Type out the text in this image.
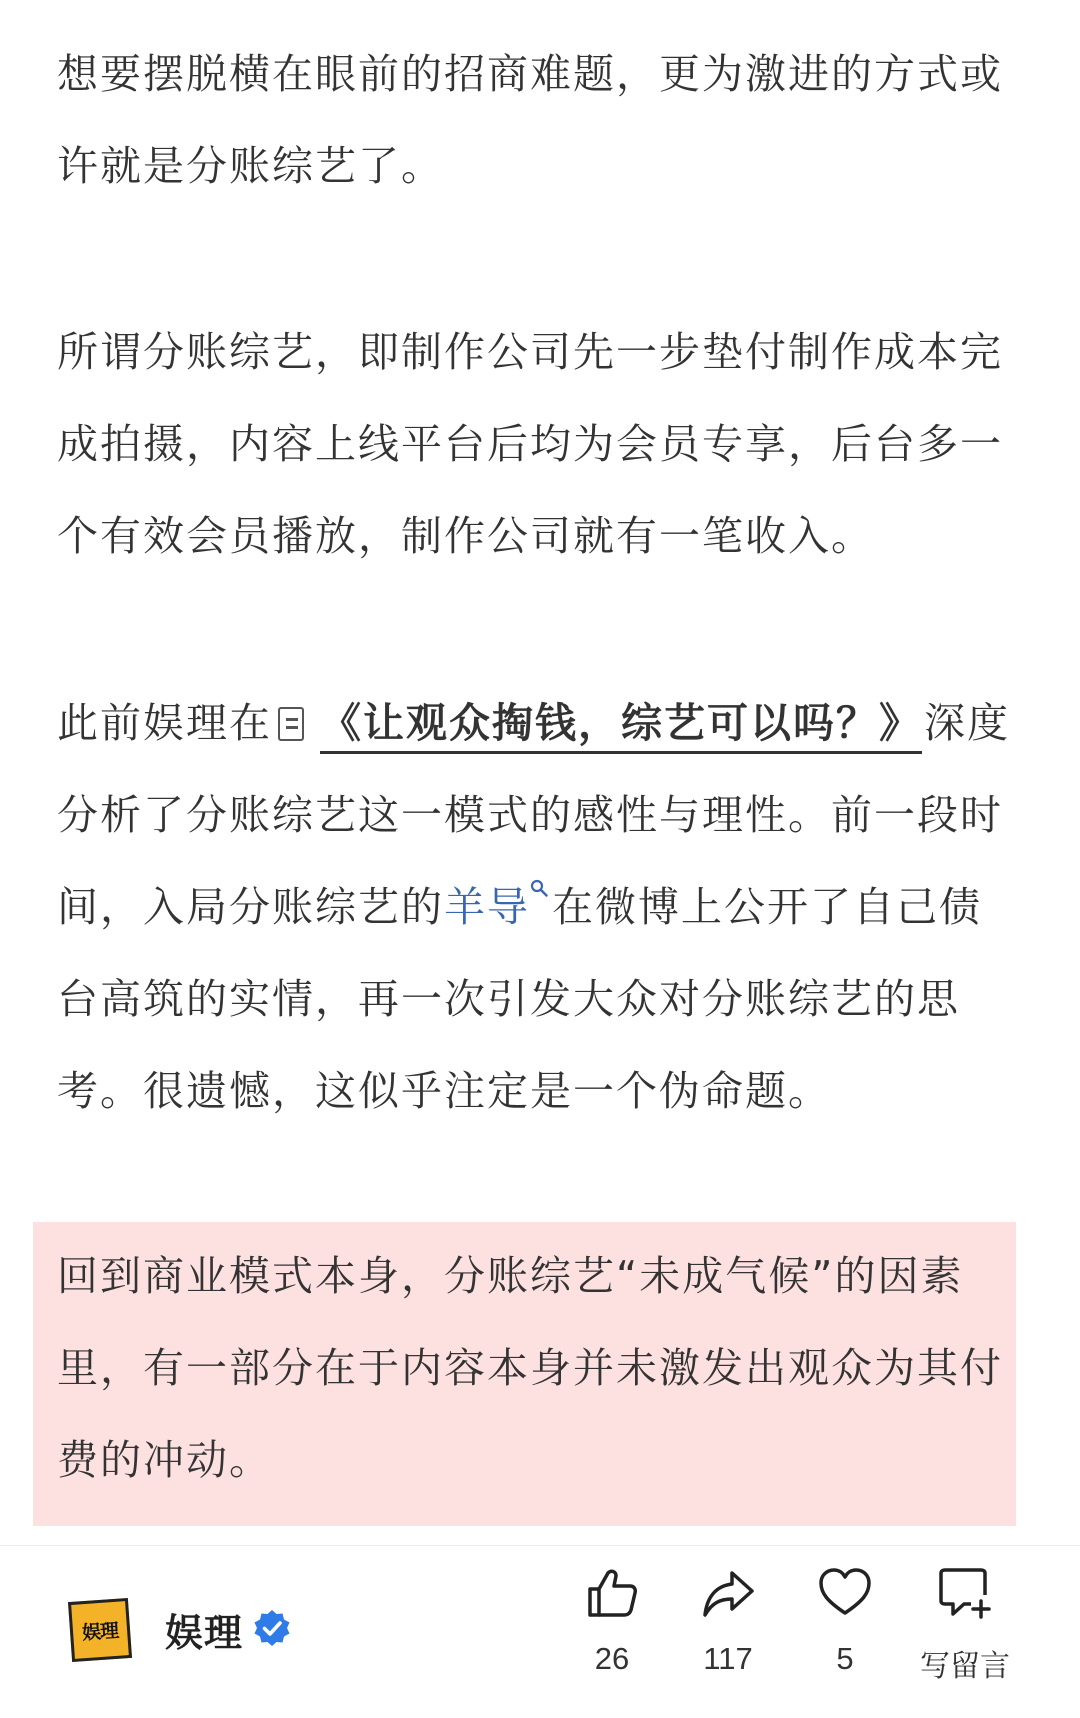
想要摆脱横在眼前的招商难题，更为激进的方式或许就是分账综艺了。

所谓分账综艺，即制作公司先一步垫付制作成本完成拍摄，内容上线平台后均为会员专享，后台多一个有效会员播放，制作公司就有一笔收入。

此前娱理在 《让观众掏钱，综艺可以吗？》深度分析了分账综艺这一模式的感性与理性。前一段时间，入局分账综艺的羊导 在微博上公开了自己债台高筑的实情，再一次引发大众对分账综艺的思考。很遗憾，这似乎注定是一个伪命题。

回到商业模式本身，分账综艺“未成气候”的因素里，有一部分在于内容本身并未激发出观众为其付费的冲动。

娱理 娱理
26	117	5	写留言
